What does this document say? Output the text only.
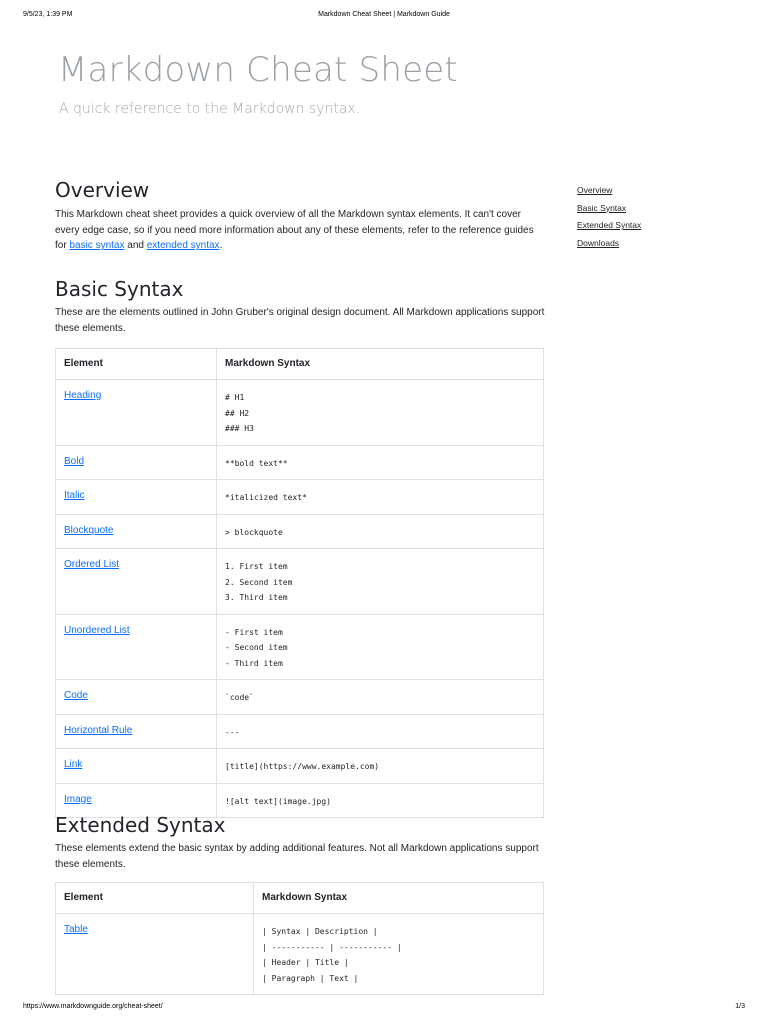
9/5/23, 1:39 PM	Markdown Cheat Sheet | Markdown Guide
Markdown Cheat Sheet

A quick reference to the Markdown syntax.

Overview
Basic Syntax
Extended Syntax
Downloads
Overview

This Markdown cheat sheet provides a quick overview of all the Markdown syntax elements. It can't cover every edge case, so if you need more information about any of these elements, refer to the reference guides for basic syntax and extended syntax.

Basic Syntax

These are the elements outlined in John Gruber's original design document. All Markdown applications support these elements.

Element	Markdown Syntax
Heading	# H1
## H2
### H3

Bold	**bold text**

Italic	*italicized text*

Blockquote	> blockquote

Ordered List	1. First item
2. Second item
3. Third item

Unordered List	- First item
- Second item
- Third item

Code	`code`

Horizontal Rule	---

Link	[title](https://www.example.com)

Image	![alt text](image.jpg)
Extended Syntax

These elements extend the basic syntax by adding additional features. Not all Markdown applications support these elements.

Element	Markdown Syntax
Table	| Syntax | Description |
| ----------- | ----------- |
| Header | Title |
| Paragraph | Text |
https://www.markdownguide.org/cheat-sheet/	1/3
